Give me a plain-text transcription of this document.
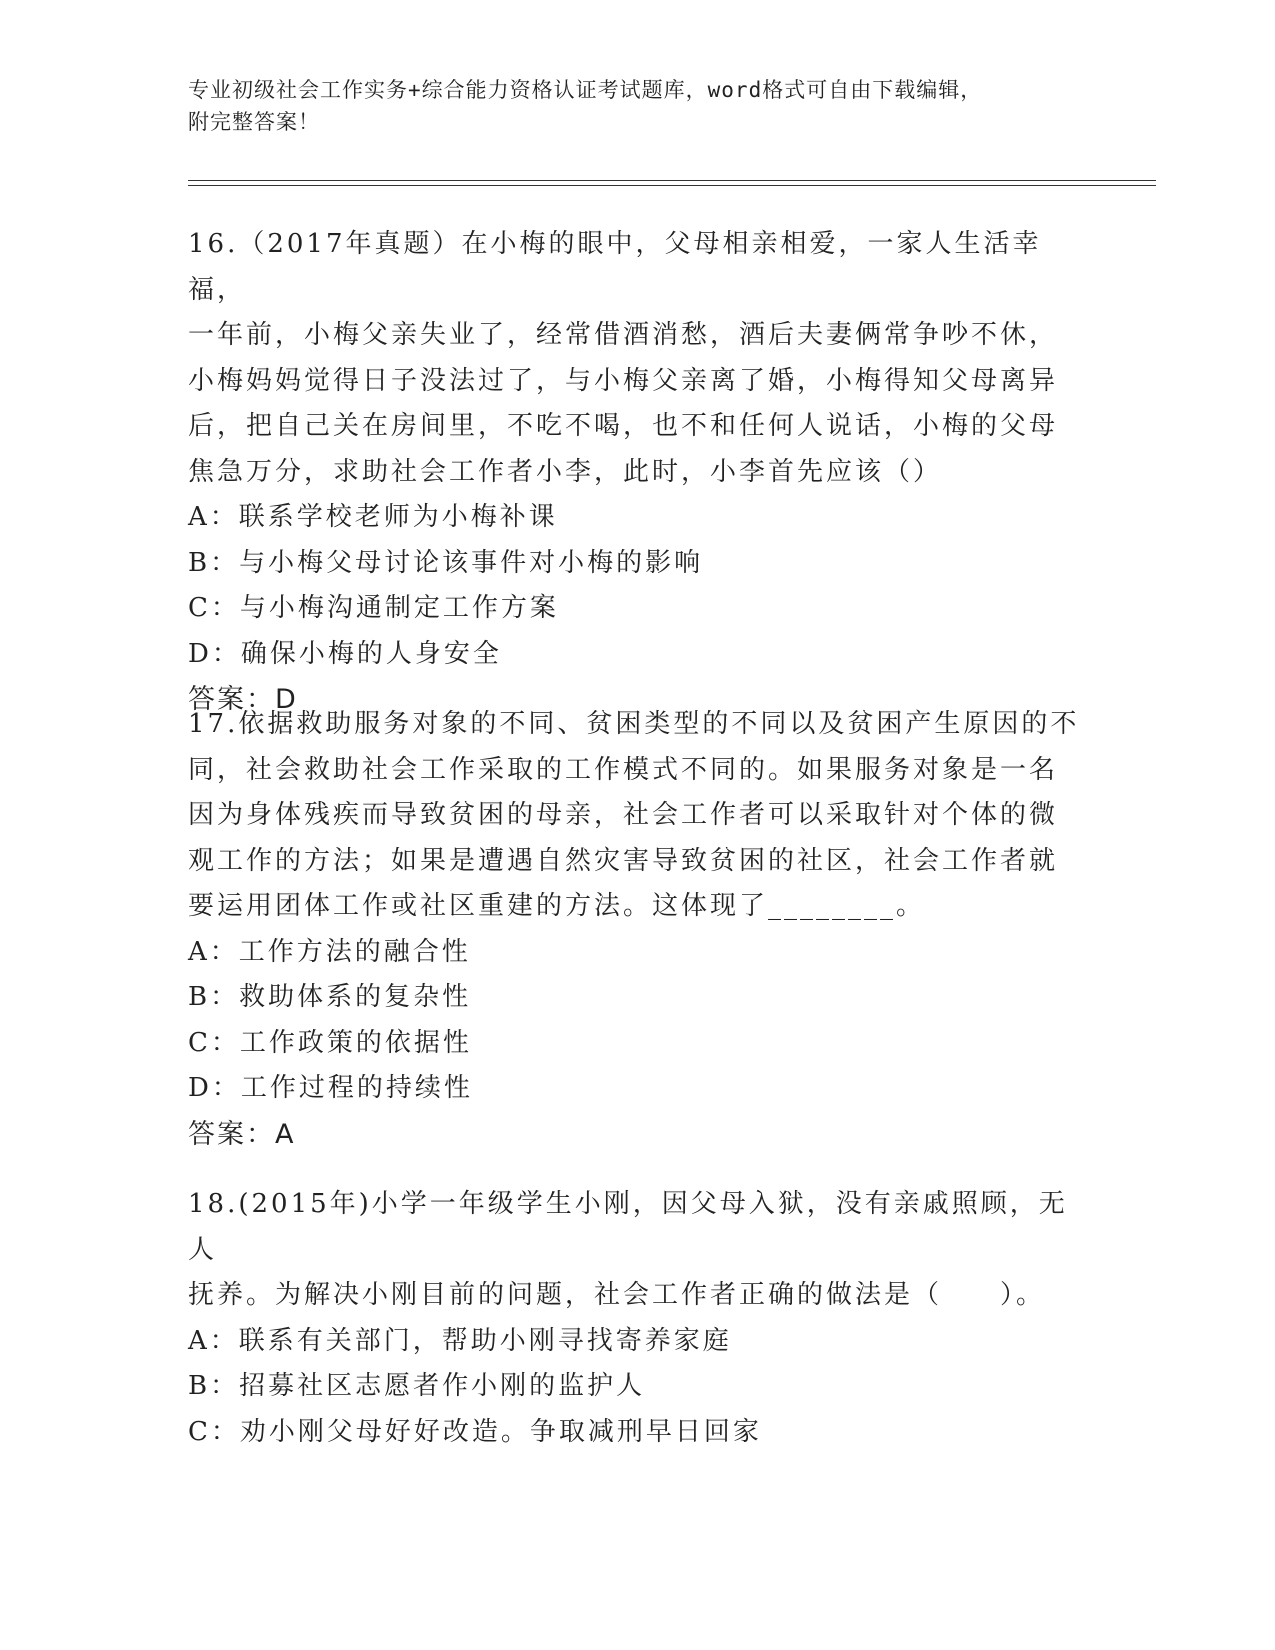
专业初级社会工作实务+综合能力资格认证考试题库，word格式可自由下载编辑，
附完整答案！
16.（2017年真题）在小梅的眼中，父母相亲相爱，一家人生活幸福，
一年前，小梅父亲失业了，经常借酒消愁，酒后夫妻俩常争吵不休，
小梅妈妈觉得日子没法过了，与小梅父亲离了婚，小梅得知父母离异
后，把自己关在房间里，不吃不喝，也不和任何人说话，小梅的父母
焦急万分，求助社会工作者小李，此时，小李首先应该（）
A：联系学校老师为小梅补课
B：与小梅父母讨论该事件对小梅的影响
C：与小梅沟通制定工作方案
D：确保小梅的人身安全
答案：D
17.依据救助服务对象的不同、贫困类型的不同以及贫困产生原因的不
同，社会救助社会工作采取的工作模式不同的。如果服务对象是一名
因为身体残疾而导致贫困的母亲，社会工作者可以采取针对个体的微
观工作的方法；如果是遭遇自然灾害导致贫困的社区，社会工作者就
要运用团体工作或社区重建的方法。这体现了________。
A：工作方法的融合性
B：救助体系的复杂性
C：工作政策的依据性
D：工作过程的持续性
答案：A
18.(2015年)小学一年级学生小刚，因父母入狱，没有亲戚照顾，无人
抚养。为解决小刚目前的问题，社会工作者正确的做法是（　　）。
A：联系有关部门，帮助小刚寻找寄养家庭
B：招募社区志愿者作小刚的监护人
C：劝小刚父母好好改造。争取减刑早日回家
